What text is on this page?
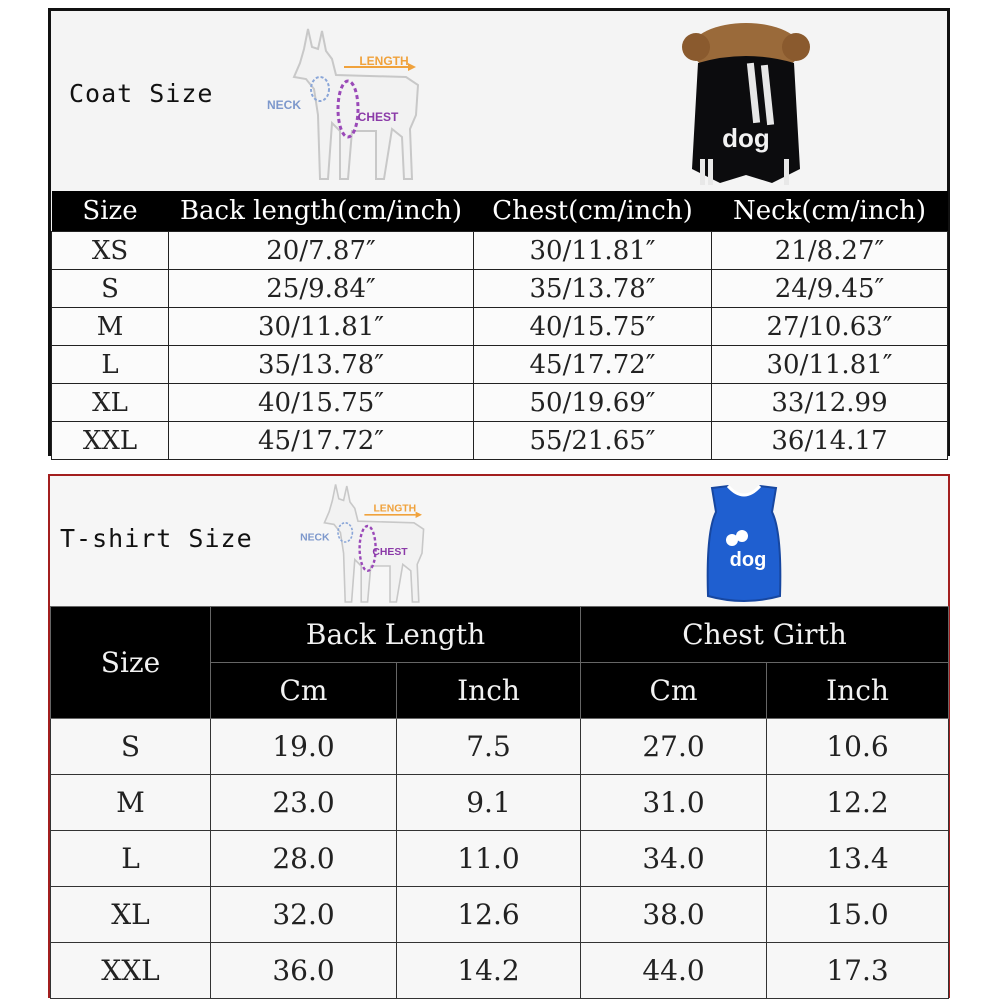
Coat Size
LENGTH
NECK
CHEST
dog
Size	Back length(cm/inch)	Chest(cm/inch)	Neck(cm/inch)
XS	20/7.87″	30/11.81″	21/8.27″
S	25/9.84″	35/13.78″	24/9.45″
M	30/11.81″	40/15.75″	27/10.63″
L	35/13.78″	45/17.72″	30/11.81″
XL	40/15.75″	50/19.69″	33/12.99
XXL	45/17.72″	55/21.65″	36/14.17
T-shirt Size
LENGTH
NECK
CHEST	dog
Size	Back Length		Chest Girth	
	Cm	Inch	Cm	Inch
S	19.0	7.5	27.0	10.6
M	23.0	9.1	31.0	12.2
L	28.0	11.0	34.0	13.4
XL	32.0	12.6	38.0	15.0
XXL	36.0	14.2	44.0	17.3
